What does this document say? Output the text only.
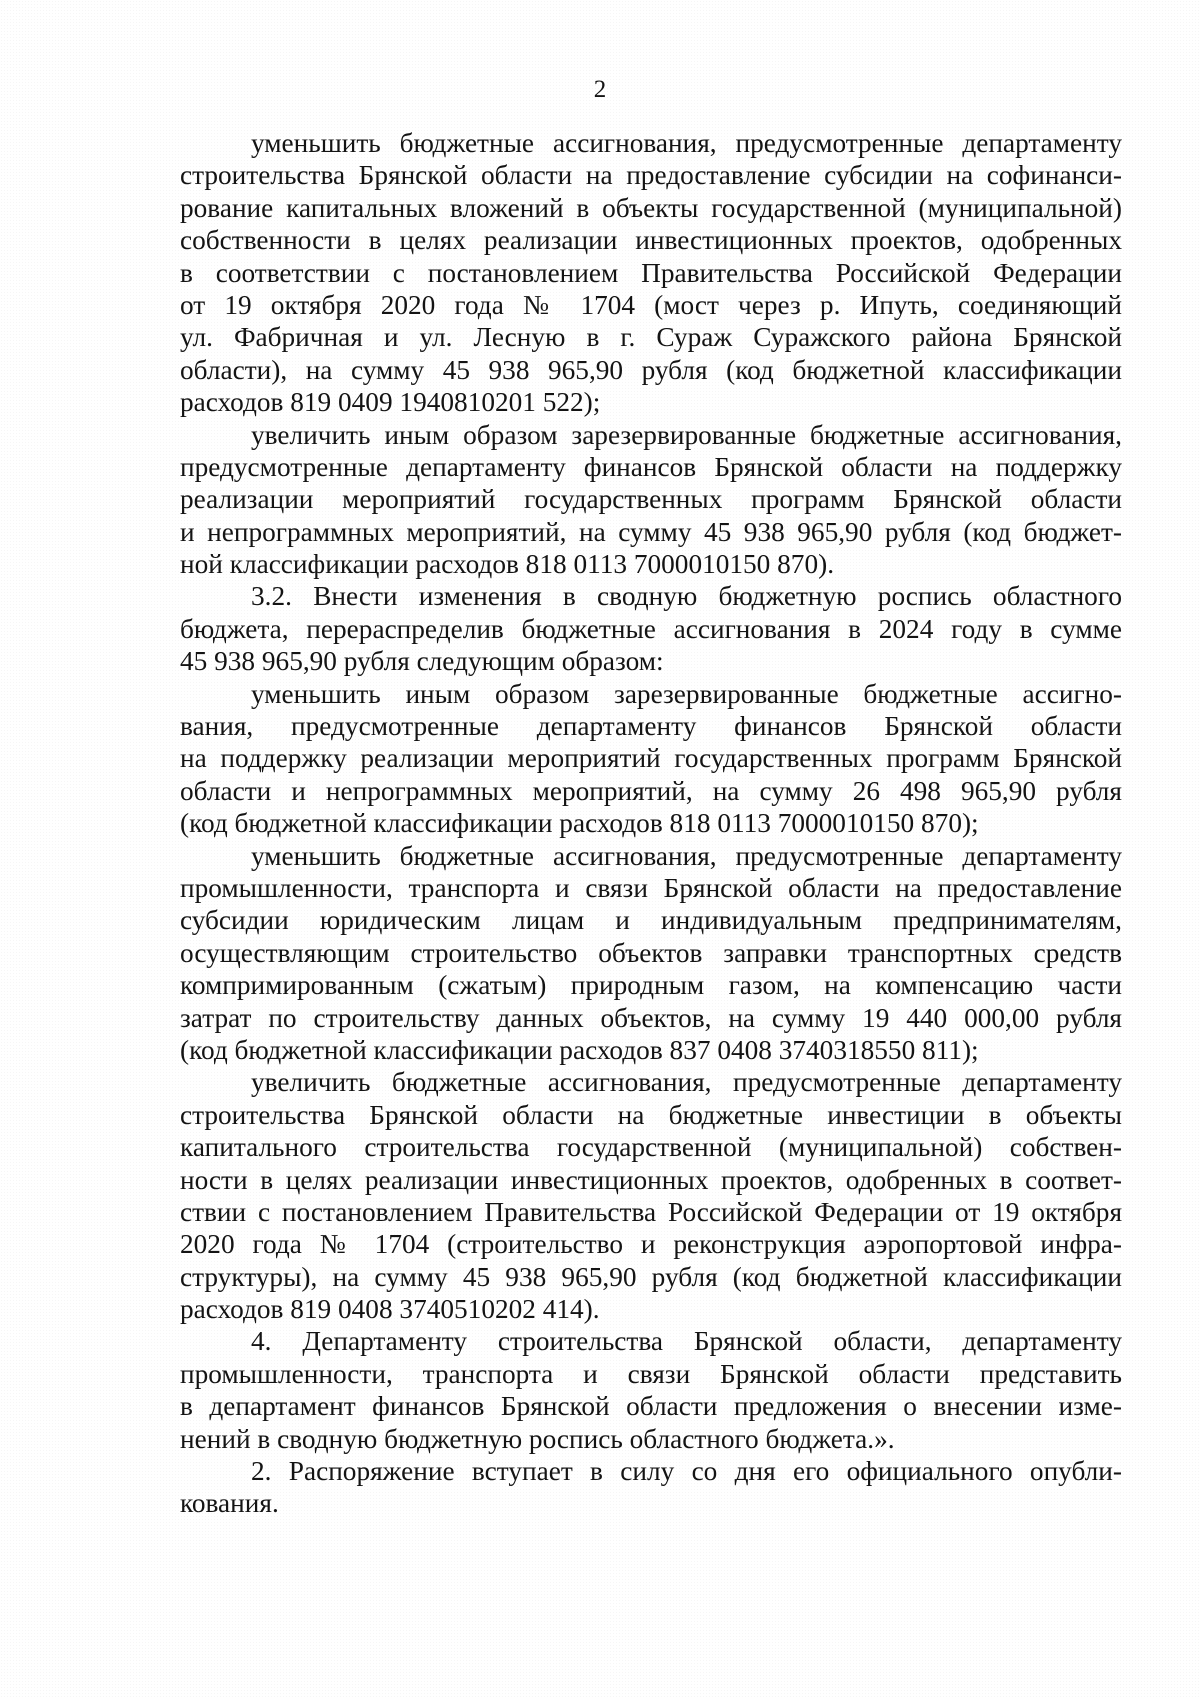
2
уменьшить бюджетные ассигнования, предусмотренные департаменту
строительства Брянской области на предоставление субсидии на софинанси-
рование капитальных вложений в объекты государственной (муниципальной)
собственности в целях реализации инвестиционных проектов, одобренных
в соответствии с постановлением Правительства Российской Федерации
от 19 октября 2020 года № 1704 (мост через р. Ипуть, соединяющий
ул. Фабричная и ул. Лесную в г. Сураж Суражского района Брянской
области), на сумму 45 938 965,90 рубля (код бюджетной классификации
расходов 819 0409 1940810201 522);
увеличить иным образом зарезервированные бюджетные ассигнования,
предусмотренные департаменту финансов Брянской области на поддержку
реализации мероприятий государственных программ Брянской области
и непрограммных мероприятий, на сумму 45 938 965,90 рубля (код бюджет-
ной классификации расходов 818 0113 7000010150 870).
3.2. Внести изменения в сводную бюджетную роспись областного
бюджета, перераспределив бюджетные ассигнования в 2024 году в сумме
45 938 965,90 рубля следующим образом:
уменьшить иным образом зарезервированные бюджетные ассигно-
вания, предусмотренные департаменту финансов Брянской области
на поддержку реализации мероприятий государственных программ Брянской
области и непрограммных мероприятий, на сумму 26 498 965,90 рубля
(код бюджетной классификации расходов 818 0113 7000010150 870);
уменьшить бюджетные ассигнования, предусмотренные департаменту
промышленности, транспорта и связи Брянской области на предоставление
субсидии юридическим лицам и индивидуальным предпринимателям,
осуществляющим строительство объектов заправки транспортных средств
компримированным (сжатым) природным газом, на компенсацию части
затрат по строительству данных объектов, на сумму 19 440 000,00 рубля
(код бюджетной классификации расходов 837 0408 3740318550 811);
увеличить бюджетные ассигнования, предусмотренные департаменту
строительства Брянской области на бюджетные инвестиции в объекты
капитального строительства государственной (муниципальной) собствен-
ности в целях реализации инвестиционных проектов, одобренных в соответ-
ствии с постановлением Правительства Российской Федерации от 19 октября
2020 года № 1704 (строительство и реконструкция аэропортовой инфра-
структуры), на сумму 45 938 965,90 рубля (код бюджетной классификации
расходов 819 0408 3740510202 414).
4. Департаменту строительства Брянской области, департаменту
промышленности, транспорта и связи Брянской области представить
в департамент финансов Брянской области предложения о внесении изме-
нений в сводную бюджетную роспись областного бюджета.».
2. Распоряжение вступает в силу со дня его официального опубли-
кования.
